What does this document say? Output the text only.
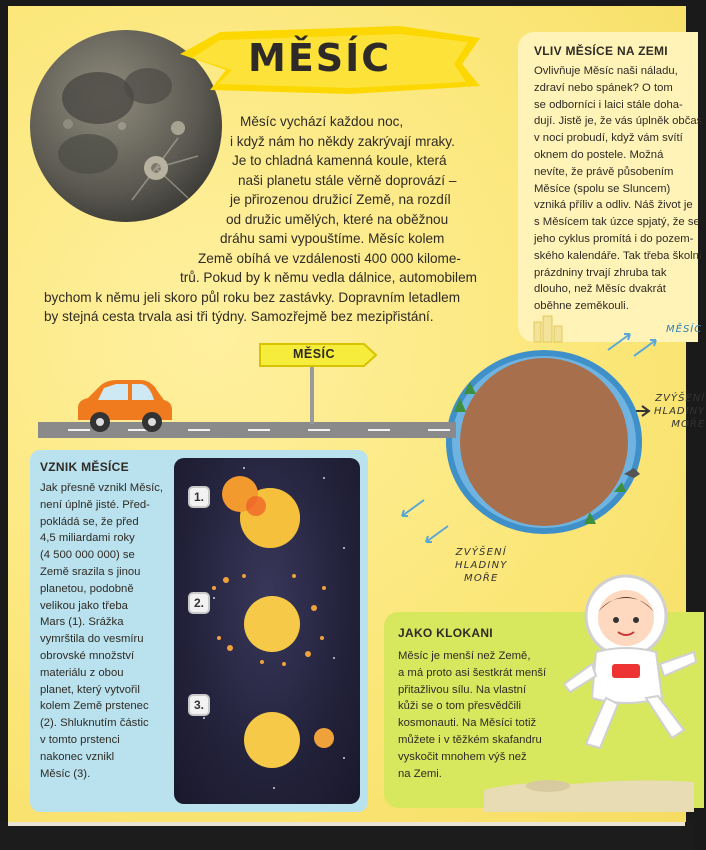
MĚSÍC
Měsíc vychází každou noc,
i když nám ho někdy zakrývají mraky.
Je to chladná kamenná koule, která
naši planetu stále věrně doprovází –
je přirozenou družicí Země, na rozdíl
od družic umělých, které na oběžnou
dráhu sami vypouštíme. Měsíc kolem
Země obíhá ve vzdálenosti 400 000 kilome-
trů. Pokud by k němu vedla dálnice, automobilem
bychom k němu jeli skoro půl roku bez zastávky. Dopravním letadlem
by stejná cesta trvala asi tři týdny. Samozřejmě bez mezipřistání.
VLIV MĚSÍCE NA ZEMI
Ovlivňuje Měsíc naši náladu,
zdraví nebo spánek? O tom
se odborníci i laici stále doha-
dují. Jistě je, že vás úplněk občas
v noci probudí, když vám svítí
oknem do postele. Možná
nevíte, že právě působením
Měsíce (spolu se Sluncem)
vzniká příliv a odliv. Náš život je
s Měsícem tak úzce spjatý, že se
jeho cyklus promítá i do pozem-
ského kalendáře. Tak třeba školní
prázdniny trvají zhruba tak
dlouho, než Měsíc dvakrát
oběhne zeměkouli.
MĚSÍC
ZVÝŠENÍ
HLADINY
MOŘE
ZVÝŠENÍ
HLADINY
MOŘE
MĚSÍC
VZNIK MĚSÍCE
Jak přesně vznikl Měsíc,
není úplně jisté. Před-
pokládá se, že před
4,5 miliardami roky
(4 500 000 000) se
Země srazila s jinou
planetou, podobně
velikou jako třeba
Mars (1). Srážka
vymrštila do vesmíru
obrovské množství
materiálu z obou
planet, který vytvořil
kolem Země prstenec
(2). Shluknutím částic
v tomto prstenci
nakonec vznikl
Měsíc (3).
1.
2.
3.
JAKO KLOKANI
Měsíc je menší než Země,
a má proto asi šestkrát menší
přitažlivou sílu. Na vlastní
kůži se o tom přesvědčili
kosmonauti. Na Měsíci totiž
můžete i v těžkém skafandru
vyskočit mnohem výš než
na Zemi.
